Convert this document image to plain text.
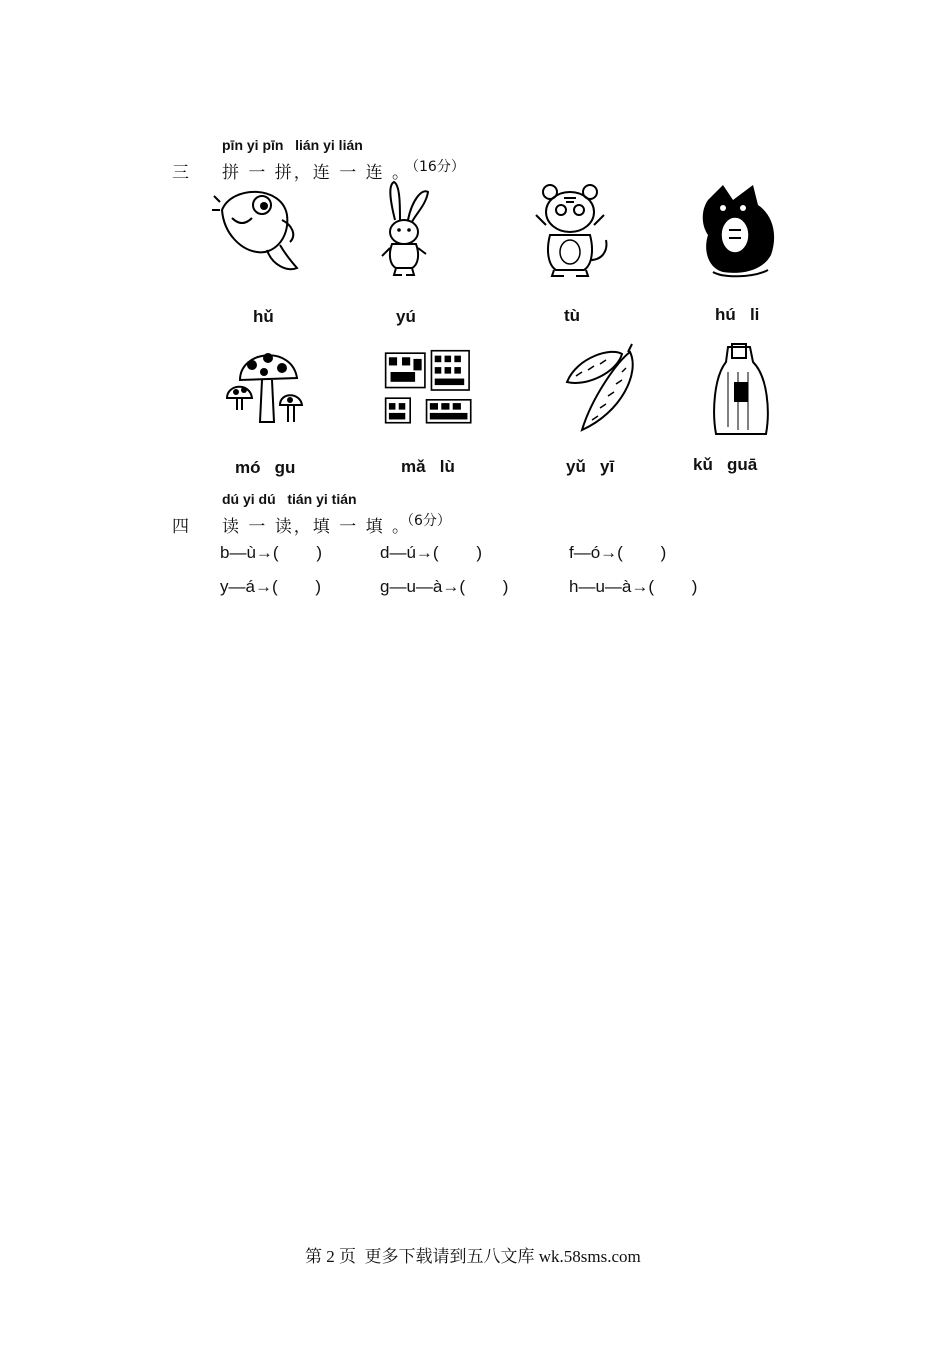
pīn yi pīn   lián yi lián
三 拼 一 拼，连 一 连 。
（16分）
hǔ	yú	tù	hú   li
mó   gu	mǎ   lù	yǔ   yī	kǔ   guā
dú yi dú   tián yi tián
四 读 一 读，填 一 填 。
（6分）
b—ù→(        )	d—ú→(        )	f—ó→(        )
y—á→(        )	g—u—à→(        )	h—u—à→(        )
第 2 页  更多下载请到五八文库 wk.58sms.com
